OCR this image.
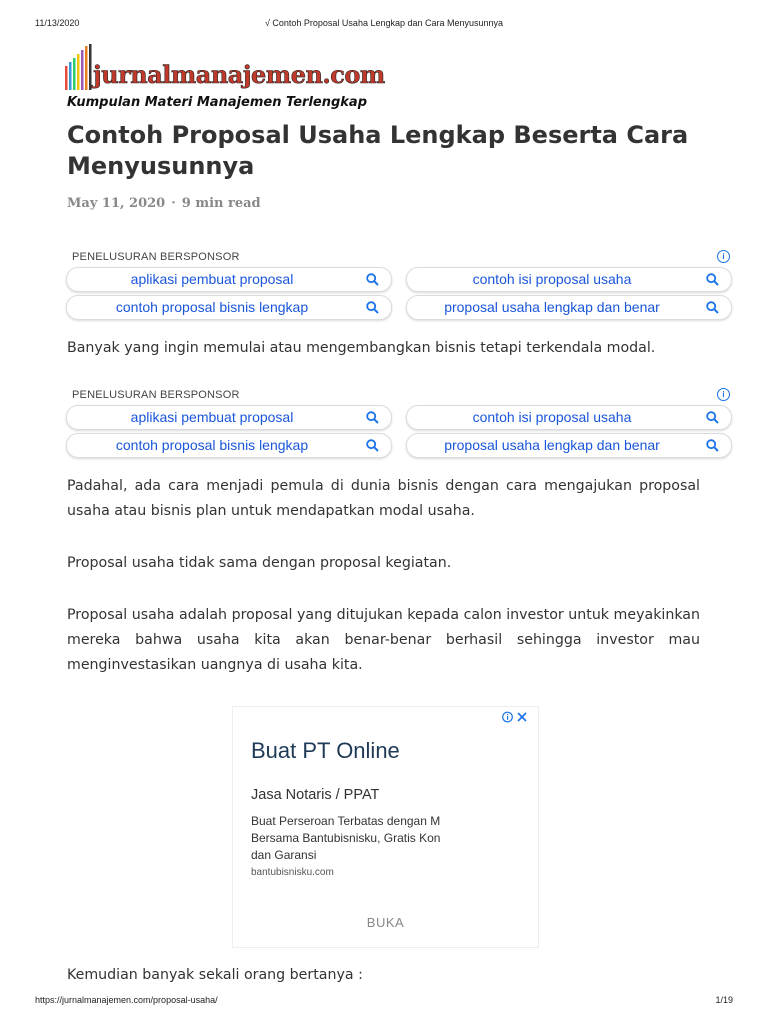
11/13/2020	√ Contoh Proposal Usaha Lengkap dan Cara Menyusunnya
jurnalmanajemen.com
Kumpulan Materi Manajemen Terlengkap
Contoh Proposal Usaha Lengkap Beserta Cara Menyusunnya
May 11, 2020 · 9 min read
PENELUSURAN BERSPONSOR	i
aplikasi pembuat proposal	contoh isi proposal usaha
contoh proposal bisnis lengkap	proposal usaha lengkap dan benar

Banyak yang ingin memulai atau mengembangkan bisnis tetapi terkendala modal.

PENELUSURAN BERSPONSOR	i
aplikasi pembuat proposal	contoh isi proposal usaha
contoh proposal bisnis lengkap	proposal usaha lengkap dan benar

Padahal, ada cara menjadi pemula di dunia bisnis dengan cara mengajukan proposal usaha atau bisnis plan untuk mendapatkan modal usaha.

Proposal usaha tidak sama dengan proposal kegiatan.

Proposal usaha adalah proposal yang ditujukan kepada calon investor untuk meyakinkan mereka bahwa usaha kita akan benar-benar berhasil sehingga investor mau menginvestasikan uangnya di usaha kita.

Buat PT Online
Jasa Notaris / PPAT
Buat Perseroan Terbatas dengan M
Bersama Bantubisnisku, Gratis Kon
dan Garansi
bantubisnisku.com
BUKA

Kemudian banyak sekali orang bertanya :

https://jurnalmanajemen.com/proposal-usaha/	1/19
